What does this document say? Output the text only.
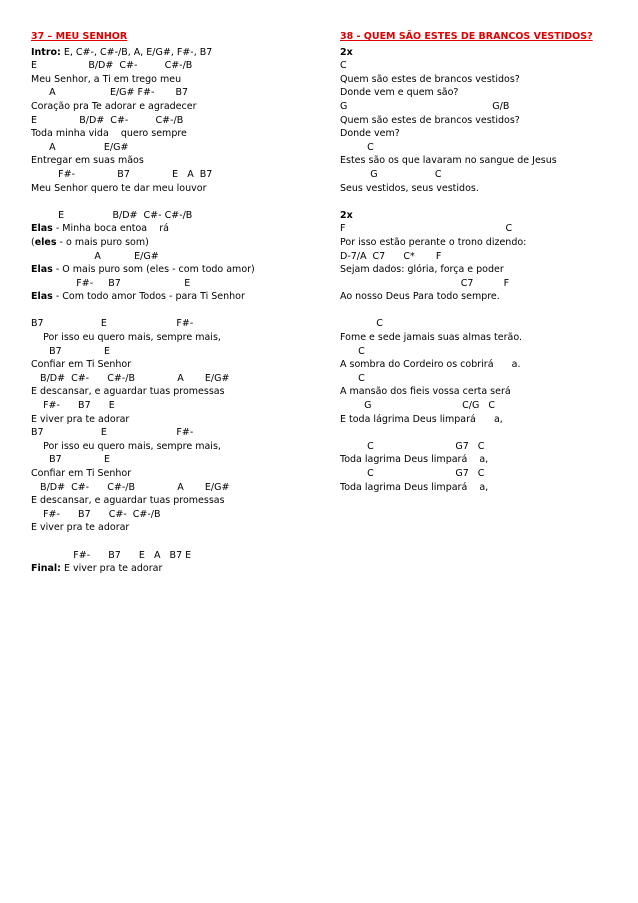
37 – MEU SENHOR
Intro: E, C#-, C#-/B, A, E/G#, F#-, B7
E                 B/D#  C#-         C#-/B
Meu Senhor, a Ti em trego meu
A                  E/G# F#-       B7
Coração pra Te adorar e agradecer
E              B/D#  C#-         C#-/B
Toda minha vida    quero sempre
A                E/G#
Entregar em suas mãos
F#-              B7              E   A  B7
Meu Senhor quero te dar meu louvor
E                B/D#  C#- C#-/B
Elas - Minha boca entoa    rá
(eles - o mais puro som)
A           E/G#
Elas - O mais puro som (eles - com todo amor)
F#-     B7                     E
Elas - Com todo amor Todos - para Ti Senhor
B7                   E                       F#-
Por isso eu quero mais, sempre mais,
B7              E
Confiar em Ti Senhor
B/D#  C#-      C#-/B              A       E/G#
E descansar, e aguardar tuas promessas
F#-      B7      E
E viver pra te adorar
B7                   E                       F#-
Por isso eu quero mais, sempre mais,
B7              E
Confiar em Ti Senhor
B/D#  C#-      C#-/B              A       E/G#
E descansar, e aguardar tuas promessas
F#-      B7      C#-  C#-/B
E viver pra te adorar
F#-      B7      E   A   B7 E
Final: E viver pra te adorar
38 - QUEM SÃO ESTES DE BRANCOS VESTIDOS?
2x
C
Quem são estes de brancos vestidos?
Donde vem e quem são?
G                                                G/B
Quem são estes de brancos vestidos?
Donde vem?
C
Estes são os que lavaram no sangue de Jesus
G                   C
Seus vestidos, seus vestidos.
2x
F                                                     C
Por isso estão perante o trono dizendo:
D-7/A  C7      C*       F
Sejam dados: glória, força e poder
C7          F
Ao nosso Deus Para todo sempre.
C
Fome e sede jamais suas almas terão.
C
A sombra do Cordeiro os cobrirá      a.
C
A mansão dos fieis vossa certa será
G                              C/G   C
E toda lágrima Deus limpará      a,
C                           G7   C
Toda lagrima Deus limpará    a,
C                           G7   C
Toda lagrima Deus limpará    a,
